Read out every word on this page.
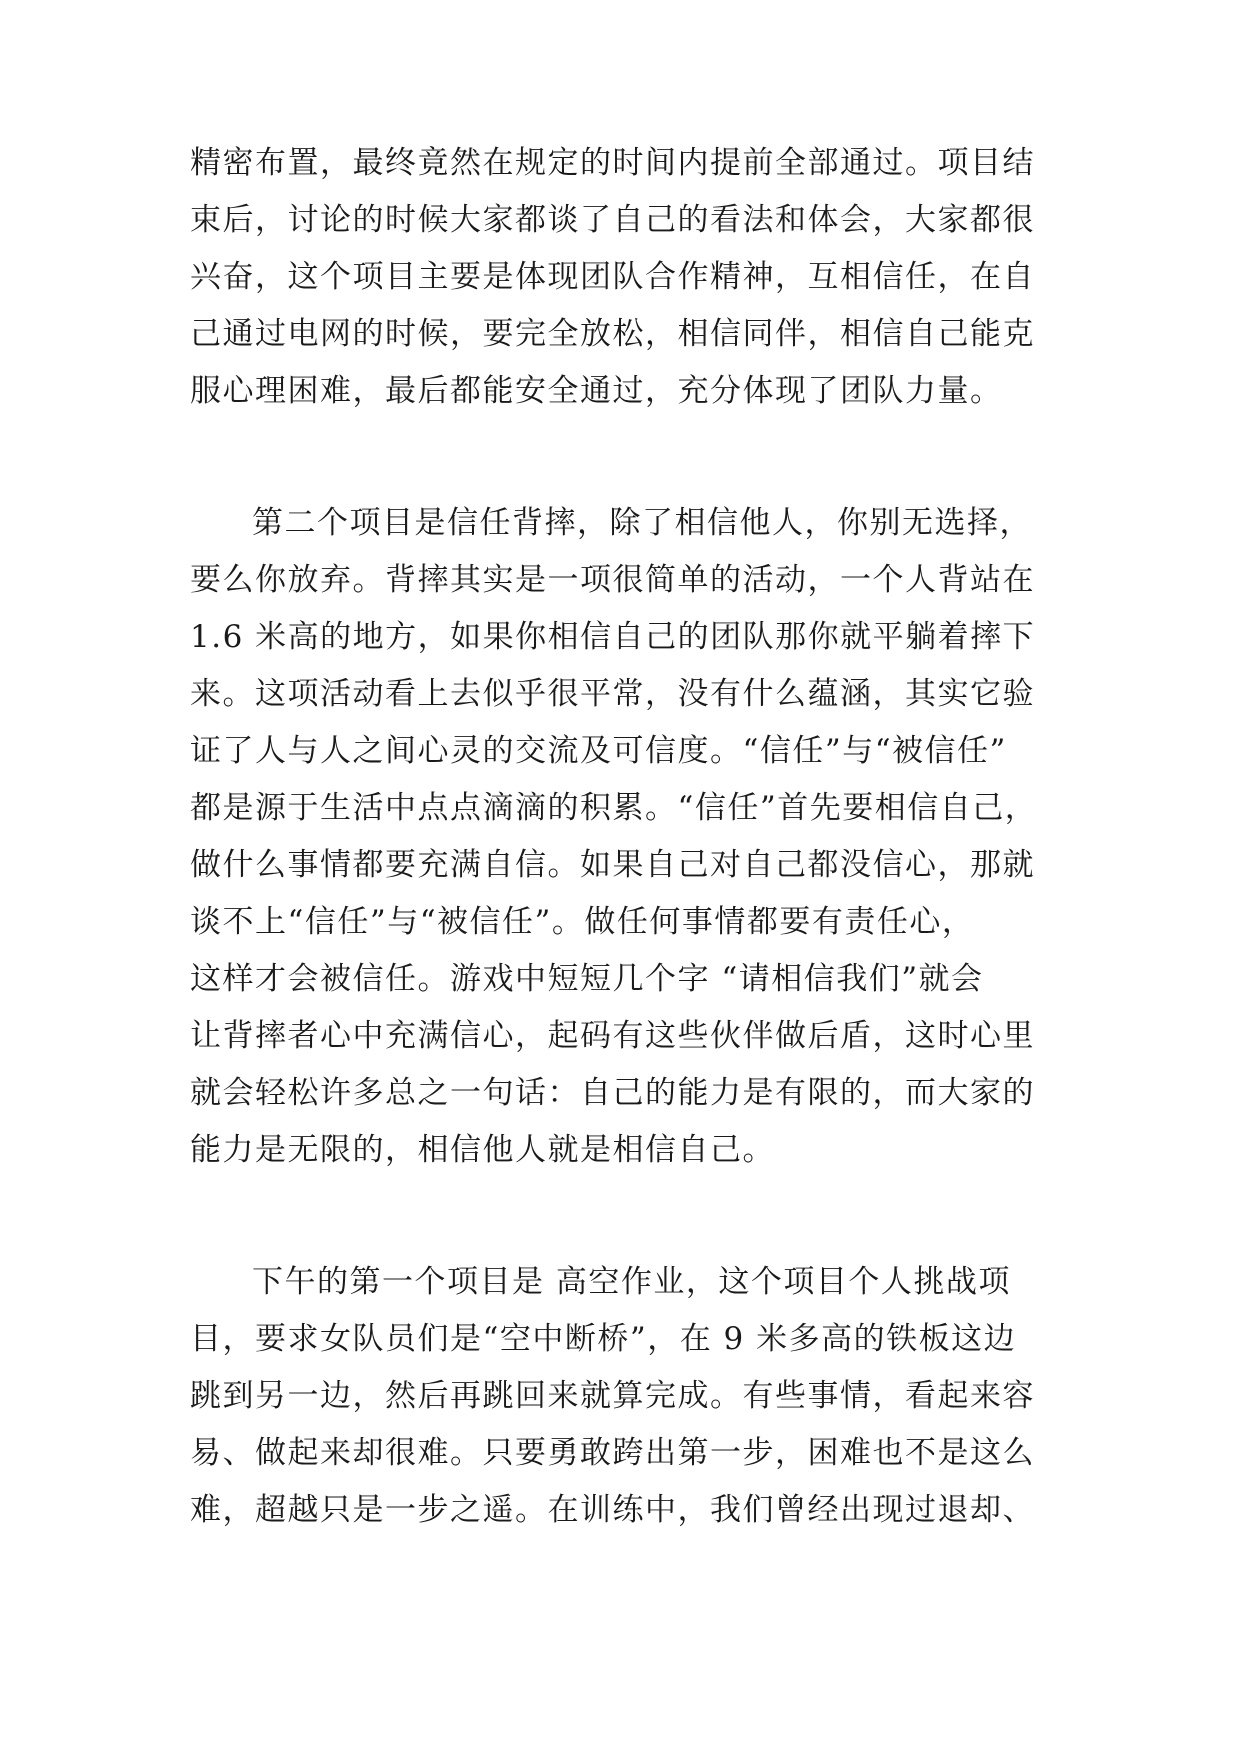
精密布置，最终竟然在规定的时间内提前全部通过。项目结

束后，讨论的时候大家都谈了自己的看法和体会，大家都很

兴奋，这个项目主要是体现团队合作精神，互相信任，在自

己通过电网的时候，要完全放松，相信同伴，相信自己能克

服心理困难，最后都能安全通过，充分体现了团队力量。

第二个项目是信任背摔，除了相信他人，你别无选择，

要么你放弃。背摔其实是一项很简单的活动，一个人背站在

1.6 米高的地方，如果你相信自己的团队那你就平躺着摔下

来。这项活动看上去似乎很平常，没有什么蕴涵，其实它验

证了人与人之间心灵的交流及可信度。“信任”与“被信任”

都是源于生活中点点滴滴的积累。“信任”首先要相信自己，

做什么事情都要充满自信。如果自己对自己都没信心，那就

谈不上“信任”与“被信任”。做任何事情都要有责任心，

这样才会被信任。游戏中短短几个字 “请相信我们”就会

让背摔者心中充满信心，起码有这些伙伴做后盾，这时心里

就会轻松许多总之一句话：自己的能力是有限的，而大家的

能力是无限的，相信他人就是相信自己。

下午的第一个项目是 高空作业，这个项目个人挑战项

目，要求女队员们是“空中断桥”，在 9 米多高的铁板这边

跳到另一边，然后再跳回来就算完成。有些事情，看起来容

易、做起来却很难。只要勇敢跨出第一步，困难也不是这么

难，超越只是一步之遥。在训练中，我们曾经出现过退却、
